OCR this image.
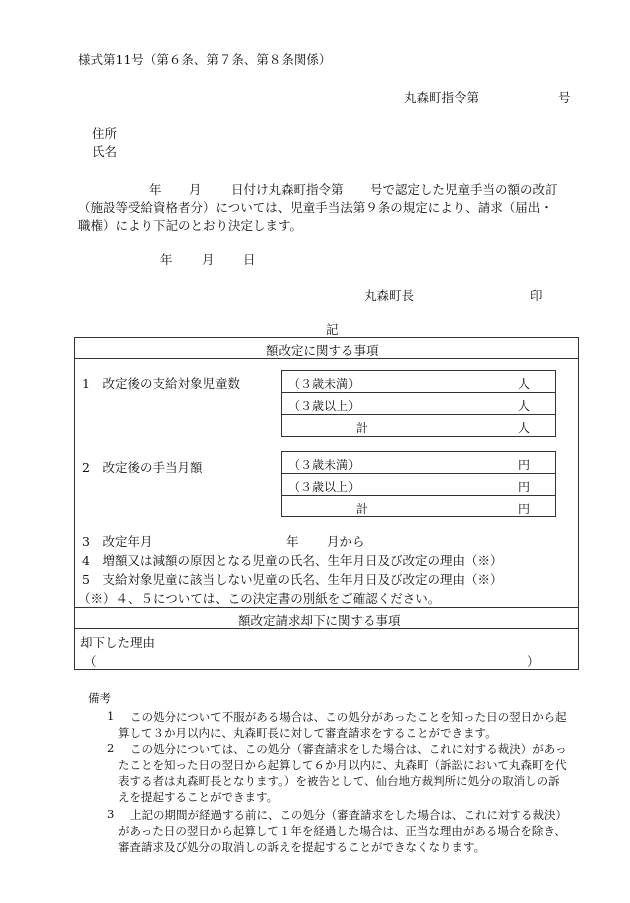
様式第11号（第６条、第７条、第８条関係）
丸森町指令第	号
住所
氏名
年 月 日付け丸森町指令第 号で認定した児童手当の額の改訂
（施設等受給資格者分）については、児童手当法第９条の規定により、請求（届出・
職権）により下記のとおり決定します。
年 月 日
丸森町長	印
記
額改定に関する事項
1　改定後の支給対象児童数	（３歳未満）	人
（３歳以上）	人
計	人
2　改定後の手当月額	（３歳未満）	円
（３歳以上）	円
計	円
3　改定年月	年 月から
4　増額又は減額の原因となる児童の氏名、生年月日及び改定の理由（※）
5　支給対象児童に該当しない児童の氏名、生年月日及び改定の理由（※）
（※）４、５については、この決定書の別紙をご確認ください。
額改定請求却下に関する事項
却下した理由
（	）
備考
1 この処分について不服がある場合は、この処分があったことを知った日の翌日から起
算して３か月以内に、丸森町長に対して審査請求をすることができます。
2 この処分については、この処分（審査請求をした場合は、これに対する裁決）があっ
たことを知った日の翌日から起算して６か月以内に、丸森町（訴訟において丸森町を代
表する者は丸森町長となります。）を被告として、仙台地方裁判所に処分の取消しの訴
えを提起することができます。
3 上記の期間が経過する前に、この処分（審査請求をした場合は、これに対する裁決）
があった日の翌日から起算して１年を経過した場合は、正当な理由がある場合を除き、
審査請求及び処分の取消しの訴えを提起することができなくなります。
